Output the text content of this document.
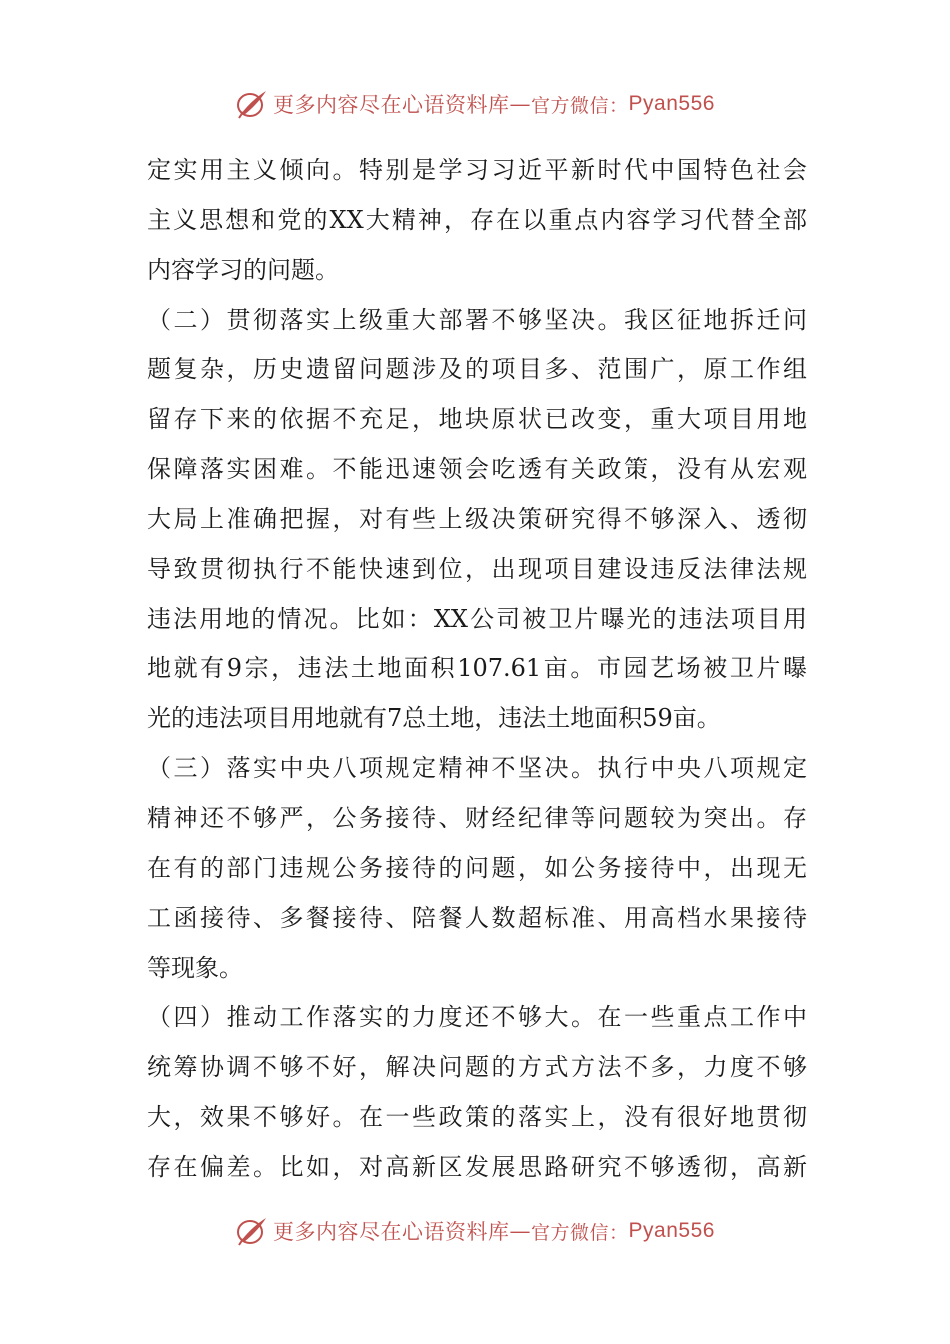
更多内容尽在心语资料库 — 官方微信： Pyan556
定实用主义倾向。特别是学习习近平新时代中国特色社会
主义思想和党的XX大精神，存在以重点内容学习代替全部
内容学习的问题。
（二）贯彻落实上级重大部署不够坚决。我区征地拆迁问
题复杂，历史遗留问题涉及的项目多、范围广，原工作组
留存下来的依据不充足，地块原状已改变，重大项目用地
保障落实困难。不能迅速领会吃透有关政策，没有从宏观
大局上准确把握，对有些上级决策研究得不够深入、透彻
导致贯彻执行不能快速到位，出现项目建设违反法律法规
违法用地的情况。比如：XX公司被卫片曝光的违法项目用
地就有9宗，违法土地面积107.61亩。市园艺场被卫片曝
光的违法项目用地就有7总土地，违法土地面积59亩。
（三）落实中央八项规定精神不坚决。执行中央八项规定
精神还不够严，公务接待、财经纪律等问题较为突出。存
在有的部门违规公务接待的问题，如公务接待中，出现无
工函接待、多餐接待、陪餐人数超标准、用高档水果接待
等现象。
（四）推动工作落实的力度还不够大。在一些重点工作中
统筹协调不够不好，解决问题的方式方法不多，力度不够
大，效果不够好。在一些政策的落实上，没有很好地贯彻
存在偏差。比如，对高新区发展思路研究不够透彻，高新
更多内容尽在心语资料库 — 官方微信： Pyan556
